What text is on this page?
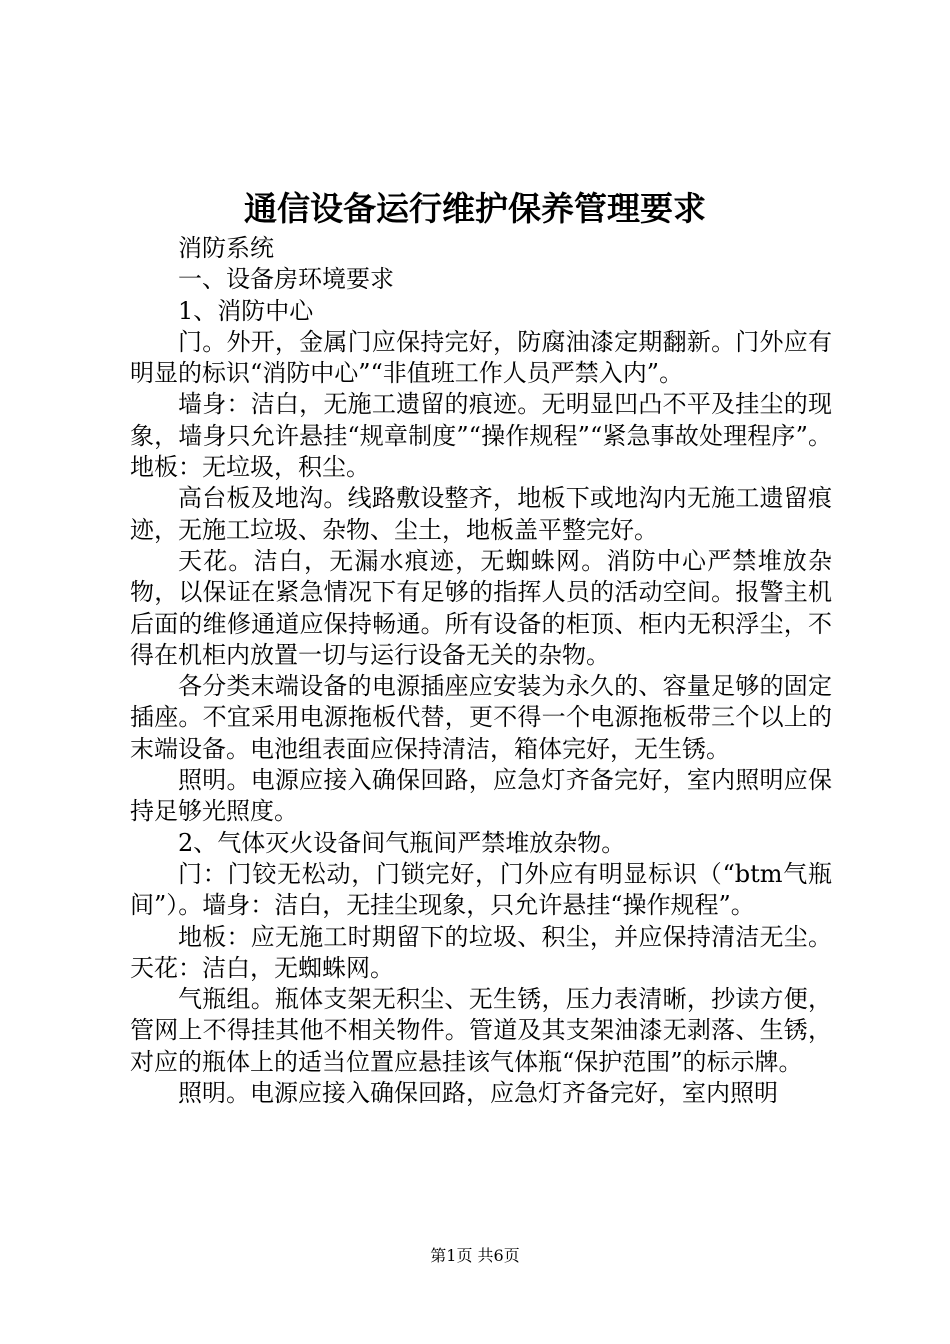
通信设备运行维护保养管理要求

消防系统

一、设备房环境要求

1、消防中心

门。外开，金属门应保持完好，防腐油漆定期翻新。门外应有明显的标识“消防中心”“非值班工作人员严禁入内”。

墙身：洁白，无施工遗留的痕迹。无明显凹凸不平及挂尘的现象，墙身只允许悬挂“规章制度”“操作规程”“紧急事故处理程序”。地板：无垃圾，积尘。

高台板及地沟。线路敷设整齐，地板下或地沟内无施工遗留痕迹，无施工垃圾、杂物、尘土，地板盖平整完好。

天花。洁白，无漏水痕迹，无蜘蛛网。消防中心严禁堆放杂物，以保证在紧急情况下有足够的指挥人员的活动空间。报警主机后面的维修通道应保持畅通。所有设备的柜顶、柜内无积浮尘，不得在机柜内放置一切与运行设备无关的杂物。

各分类末端设备的电源插座应安装为永久的、容量足够的固定插座。不宜采用电源拖板代替，更不得一个电源拖板带三个以上的末端设备。电池组表面应保持清洁，箱体完好，无生锈。

照明。电源应接入确保回路，应急灯齐备完好，室内照明应保持足够光照度。

2、气体灭火设备间气瓶间严禁堆放杂物。

门：门铰无松动，门锁完好，门外应有明显标识（“btm气瓶间”）。墙身：洁白，无挂尘现象，只允许悬挂“操作规程”。

地板：应无施工时期留下的垃圾、积尘，并应保持清洁无尘。天花：洁白，无蜘蛛网。

气瓶组。瓶体支架无积尘、无生锈，压力表清晰，抄读方便，管网上不得挂其他不相关物件。管道及其支架油漆无剥落、生锈，对应的瓶体上的适当位置应悬挂该气体瓶“保护范围”的标示牌。

照明。电源应接入确保回路，应急灯齐备完好，室内照明

第1页 共6页
